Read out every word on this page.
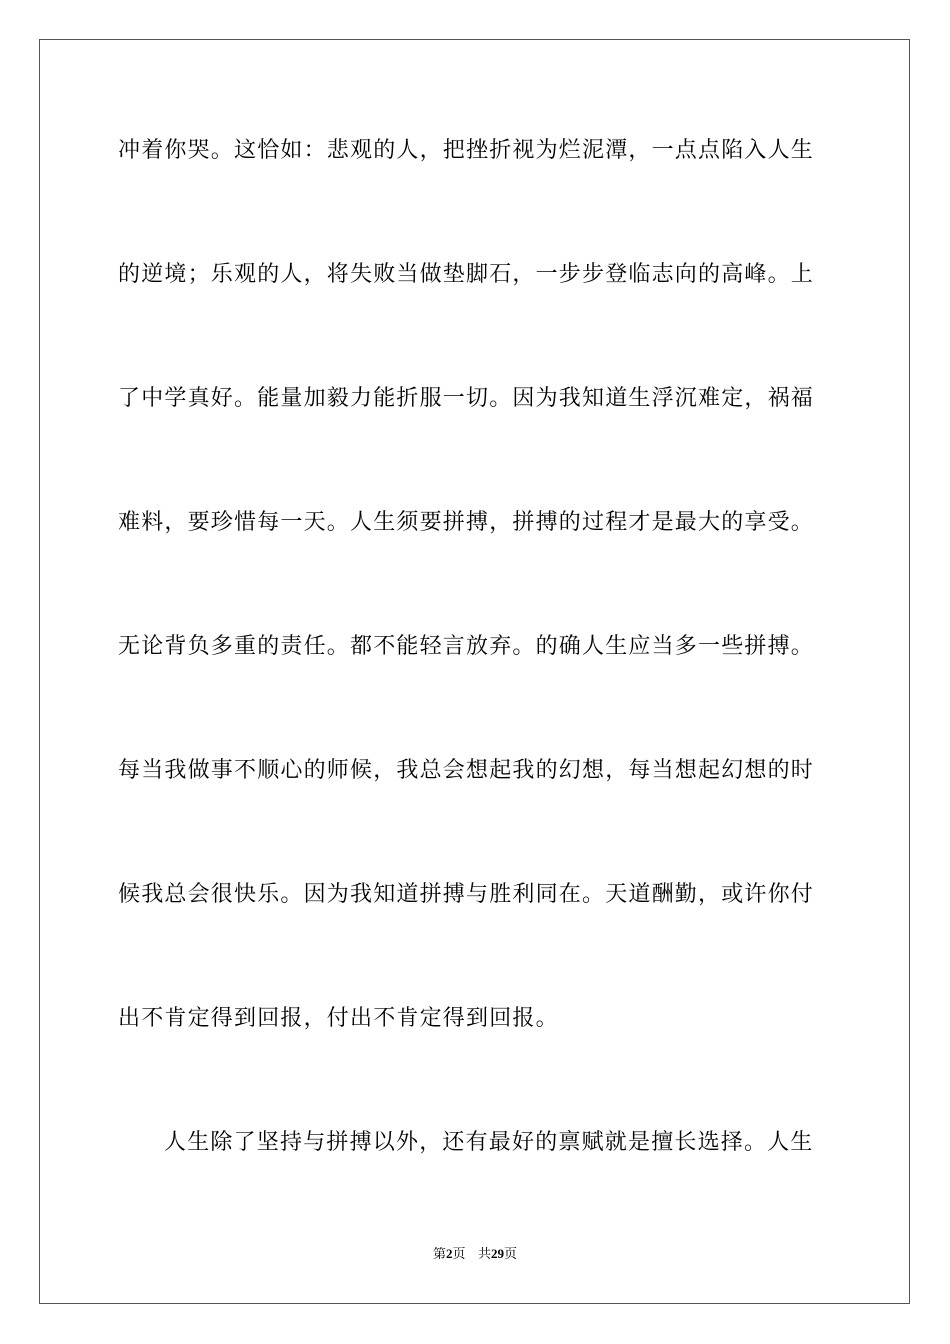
冲着你哭。这恰如：悲观的人，把挫折视为烂泥潭，一点点陷入人生
的逆境；乐观的人，将失败当做垫脚石，一步步登临志向的高峰。上
了中学真好。能量加毅力能折服一切。因为我知道生浮沉难定，祸福
难料，要珍惜每一天。人生须要拼搏，拼搏的过程才是最大的享受。
无论背负多重的责任。都不能轻言放弃。的确人生应当多一些拼搏。
每当我做事不顺心的师候，我总会想起我的幻想，每当想起幻想的时
候我总会很快乐。因为我知道拼搏与胜利同在。天道酬勤，或许你付
出不肯定得到回报，付出不肯定得到回报。
人生除了坚持与拼搏以外，还有最好的禀赋就是擅长选择。人生
第2页 共29页
